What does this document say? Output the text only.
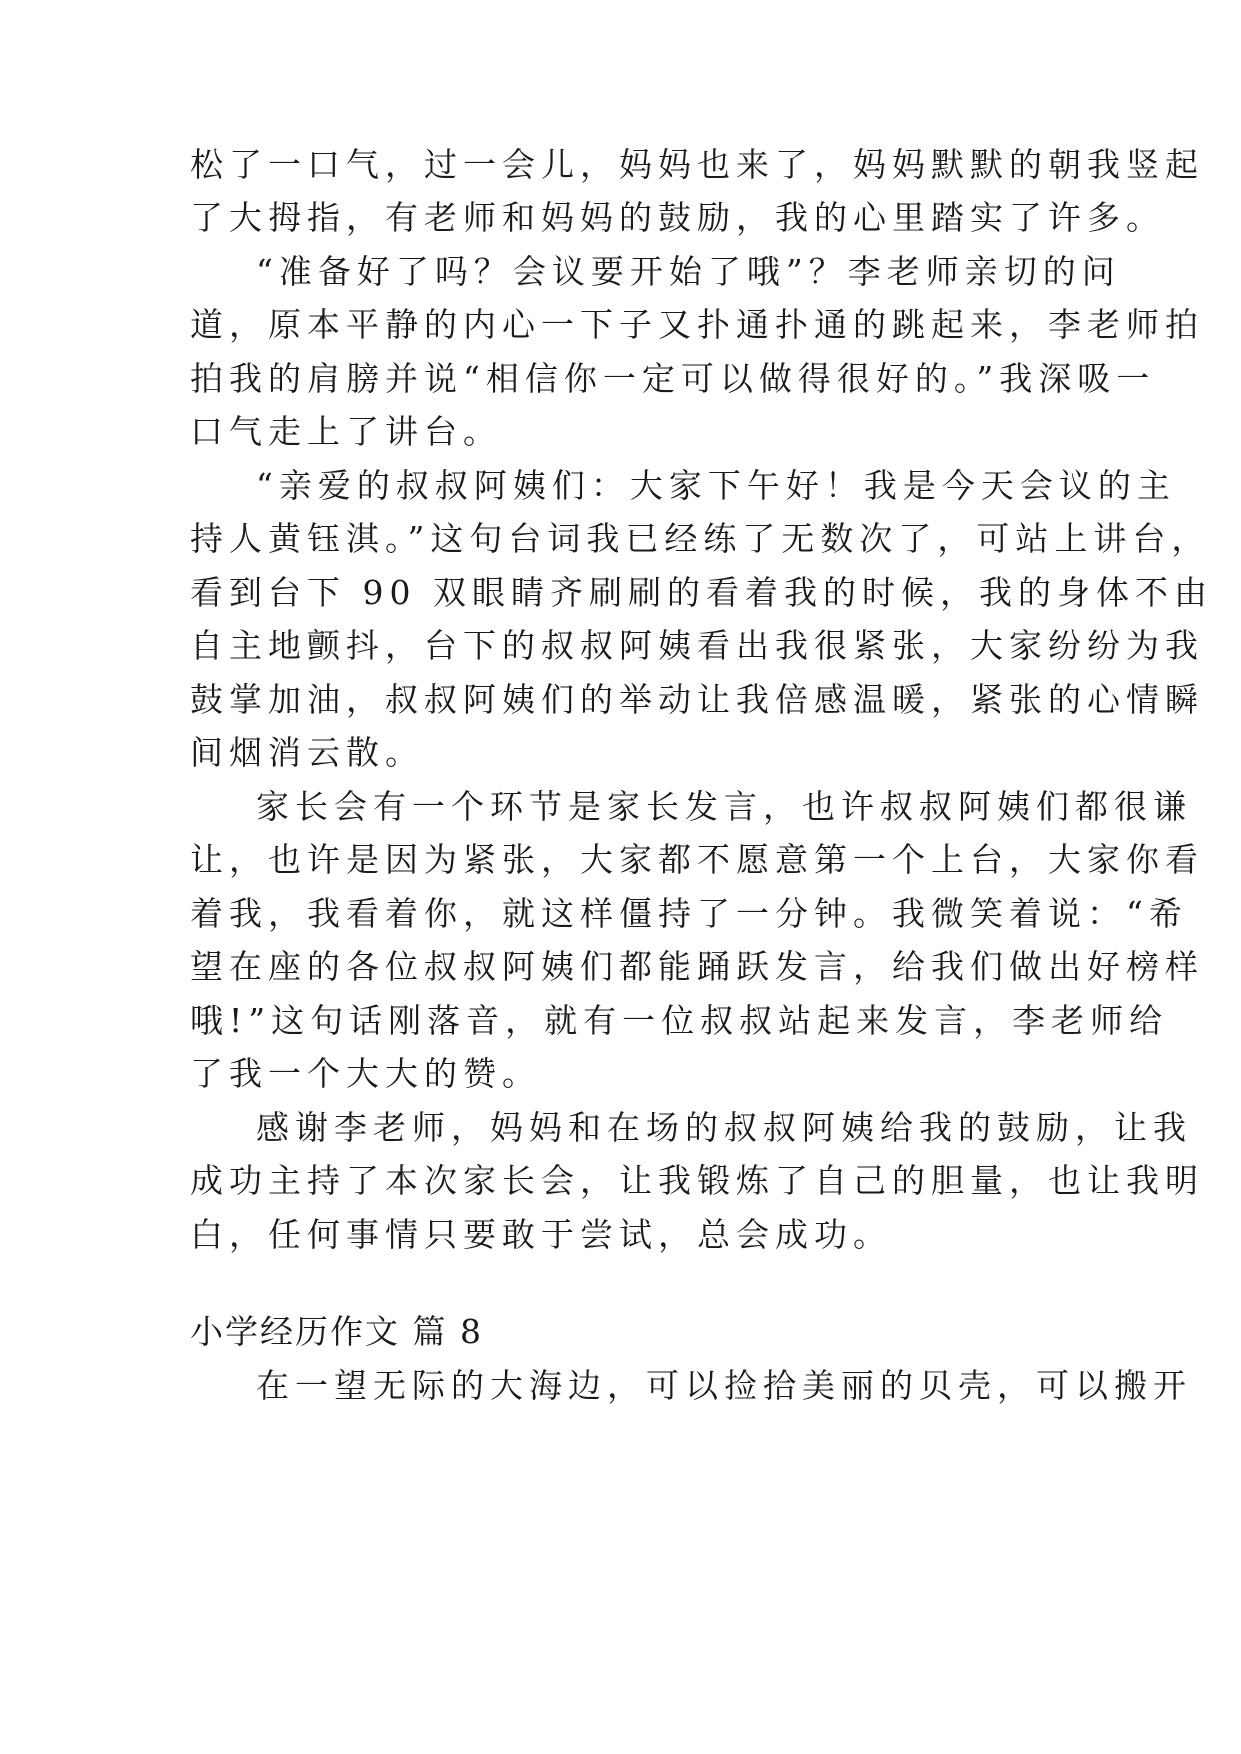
松了一口气，过一会儿，妈妈也来了，妈妈默默的朝我竖起
了大拇指，有老师和妈妈的鼓励，我的心里踏实了许多。
“准备好了吗？会议要开始了哦”？李老师亲切的问
道，原本平静的内心一下子又扑通扑通的跳起来，李老师拍
拍我的肩膀并说“相信你一定可以做得很好的。”我深吸一
口气走上了讲台。
“亲爱的叔叔阿姨们：大家下午好！我是今天会议的主
持人黄钰淇。”这句台词我已经练了无数次了，可站上讲台，
看到台下 90 双眼睛齐刷刷的看着我的时候，我的身体不由
自主地颤抖，台下的叔叔阿姨看出我很紧张，大家纷纷为我
鼓掌加油，叔叔阿姨们的举动让我倍感温暖，紧张的心情瞬
间烟消云散。
家长会有一个环节是家长发言，也许叔叔阿姨们都很谦
让，也许是因为紧张，大家都不愿意第一个上台，大家你看
着我，我看着你，就这样僵持了一分钟。我微笑着说：“希
望在座的各位叔叔阿姨们都能踊跃发言，给我们做出好榜样
哦!”这句话刚落音，就有一位叔叔站起来发言，李老师给
了我一个大大的赞。
感谢李老师，妈妈和在场的叔叔阿姨给我的鼓励，让我
成功主持了本次家长会，让我锻炼了自己的胆量，也让我明
白，任何事情只要敢于尝试，总会成功。
小学经历作文 篇 8
在一望无际的大海边，可以捡拾美丽的贝壳，可以搬开
